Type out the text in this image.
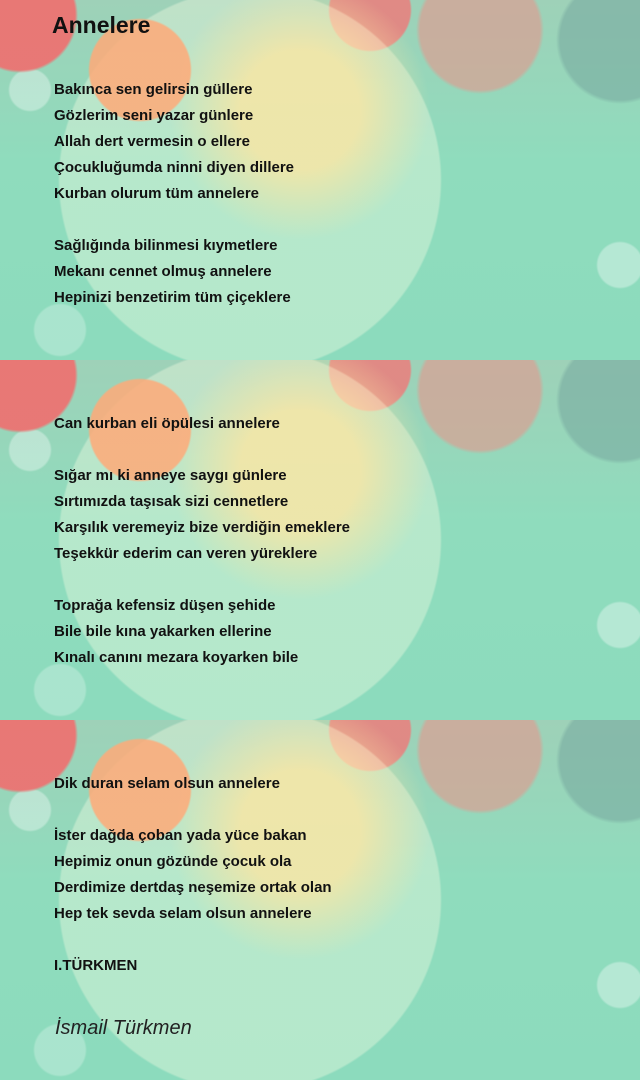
Annelere
Bakınca sen gelirsin güllere
Gözlerim seni yazar günlere
Allah dert vermesin o ellere
Çocukluğumda ninni diyen dillere
Kurban olurum tüm annelere
Sağlığında bilinmesi kıymetlere
Mekanı cennet olmuş annelere
Hepinizi benzetirim tüm çiçeklere
Can kurban eli öpülesi annelere
Sığar mı ki anneye saygı günlere
Sırtımızda taşısak sizi cennetlere
Karşılık veremeyiz bize verdiğin emeklere
Teşekkür ederim can veren yüreklere
Toprağa kefensiz düşen şehide
Bile bile kına yakarken ellerine
Kınalı canını mezara koyarken bile
Dik duran selam olsun annelere
İster dağda çoban yada yüce bakan
Hepimiz onun gözünde çocuk ola
Derdimize dertdaş neşemize ortak olan
Hep tek sevda selam olsun annelere
I.TÜRKMEN
İsmail Türkmen
